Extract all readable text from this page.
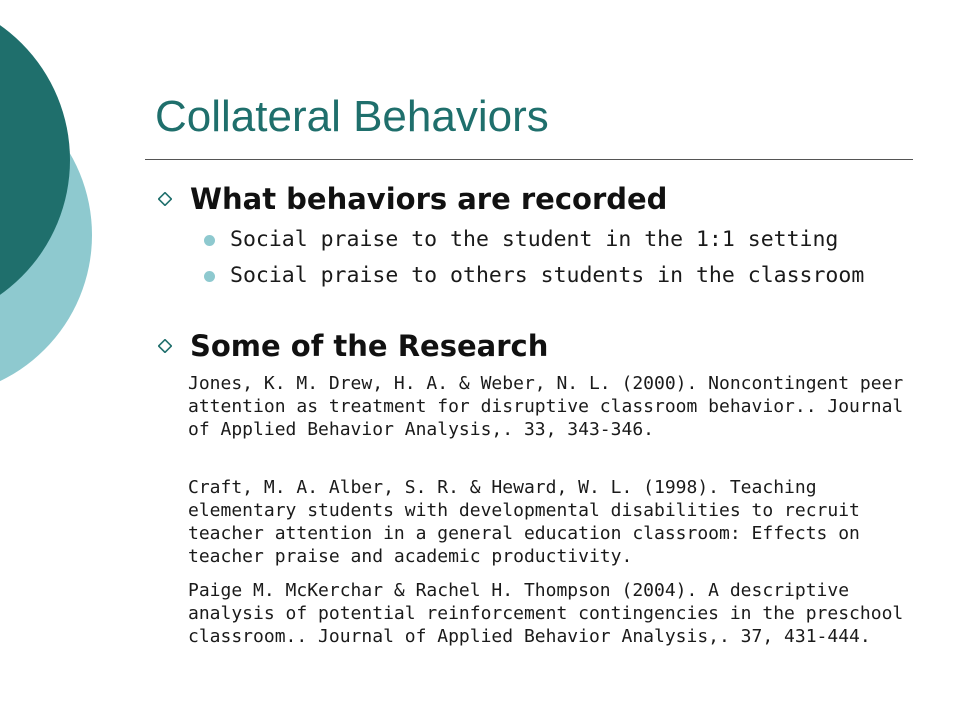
Collateral Behaviors
What behaviors are recorded
Social praise to the student in the 1:1 setting
Social praise to others students in the classroom
Some of the Research
Jones, K. M. Drew, H. A. & Weber, N. L. (2000). Noncontingent peer attention as treatment for disruptive classroom behavior.. Journal of Applied Behavior Analysis,. 33, 343-346.
Craft, M. A. Alber, S. R. & Heward, W. L. (1998). Teaching elementary students with developmental disabilities to recruit teacher attention in a general education classroom: Effects on teacher praise and academic productivity.
Paige M. McKerchar & Rachel H. Thompson (2004). A descriptive analysis of potential reinforcement contingencies in the preschool classroom.. Journal of Applied Behavior Analysis,. 37, 431-444.
